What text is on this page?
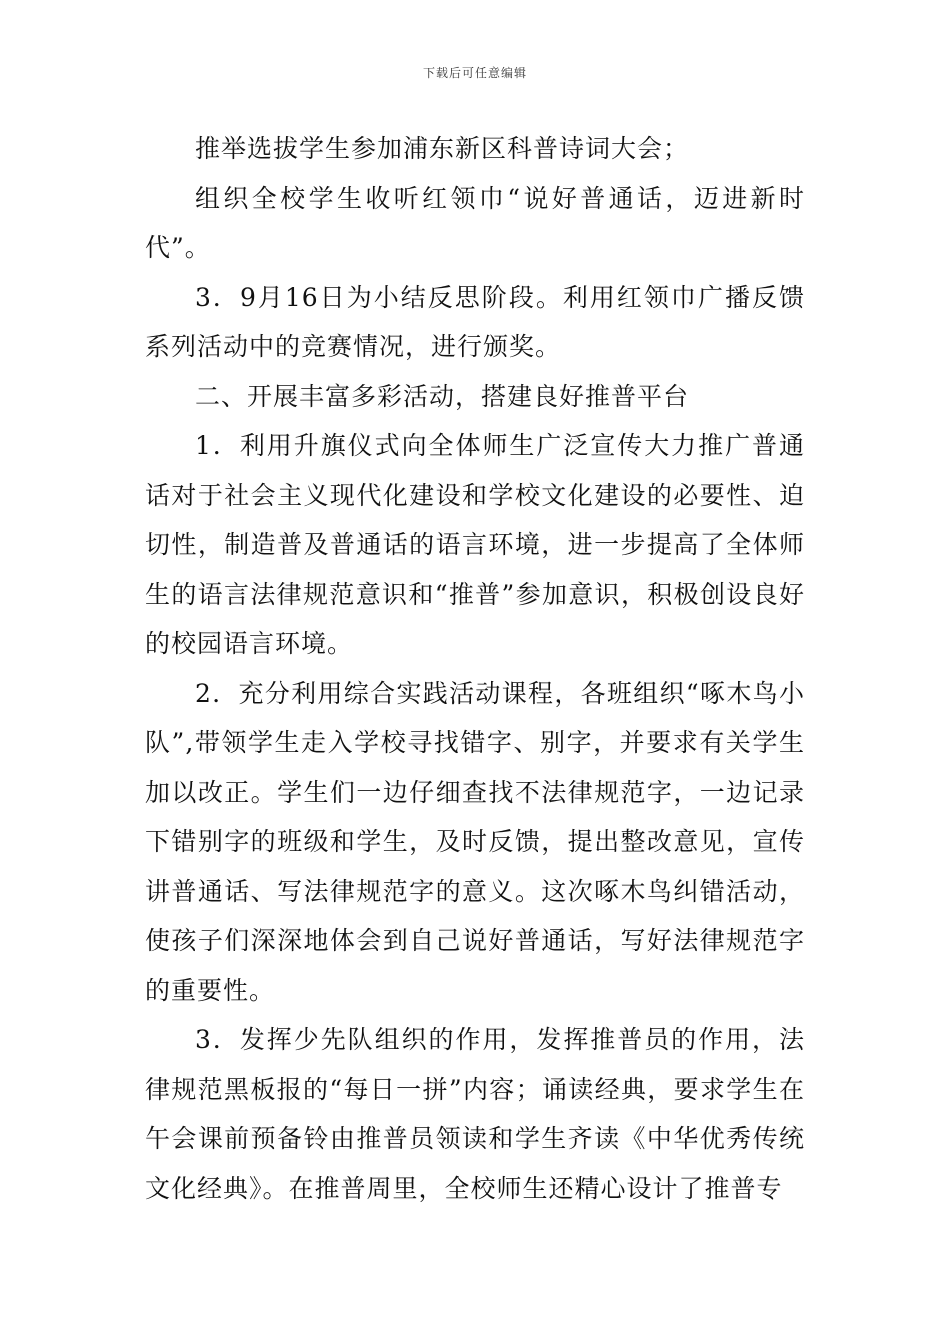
下载后可任意编辑

推举选拔学生参加浦东新区科普诗词大会；

组织全校学生收听红领巾“说好普通话，迈进新时代”。

3．9月16日为小结反思阶段。利用红领巾广播反馈系列活动中的竞赛情况，进行颁奖。

二、开展丰富多彩活动，搭建良好推普平台

1．利用升旗仪式向全体师生广泛宣传大力推广普通话对于社会主义现代化建设和学校文化建设的必要性、迫切性，制造普及普通话的语言环境，进一步提高了全体师生的语言法律规范意识和“推普”参加意识，积极创设良好的校园语言环境。

2．充分利用综合实践活动课程，各班组织“啄木鸟小队”,带领学生走入学校寻找错字、别字，并要求有关学生加以改正。学生们一边仔细查找不法律规范字，一边记录下错别字的班级和学生，及时反馈，提出整改意见，宣传讲普通话、写法律规范字的意义。这次啄木鸟纠错活动，使孩子们深深地体会到自己说好普通话，写好法律规范字的重要性。

3．发挥少先队组织的作用，发挥推普员的作用，法律规范黑板报的“每日一拼”内容；诵读经典，要求学生在午会课前预备铃由推普员领读和学生齐读《中华优秀传统文化经典》。在推普周里，全校师生还精心设计了推普专
